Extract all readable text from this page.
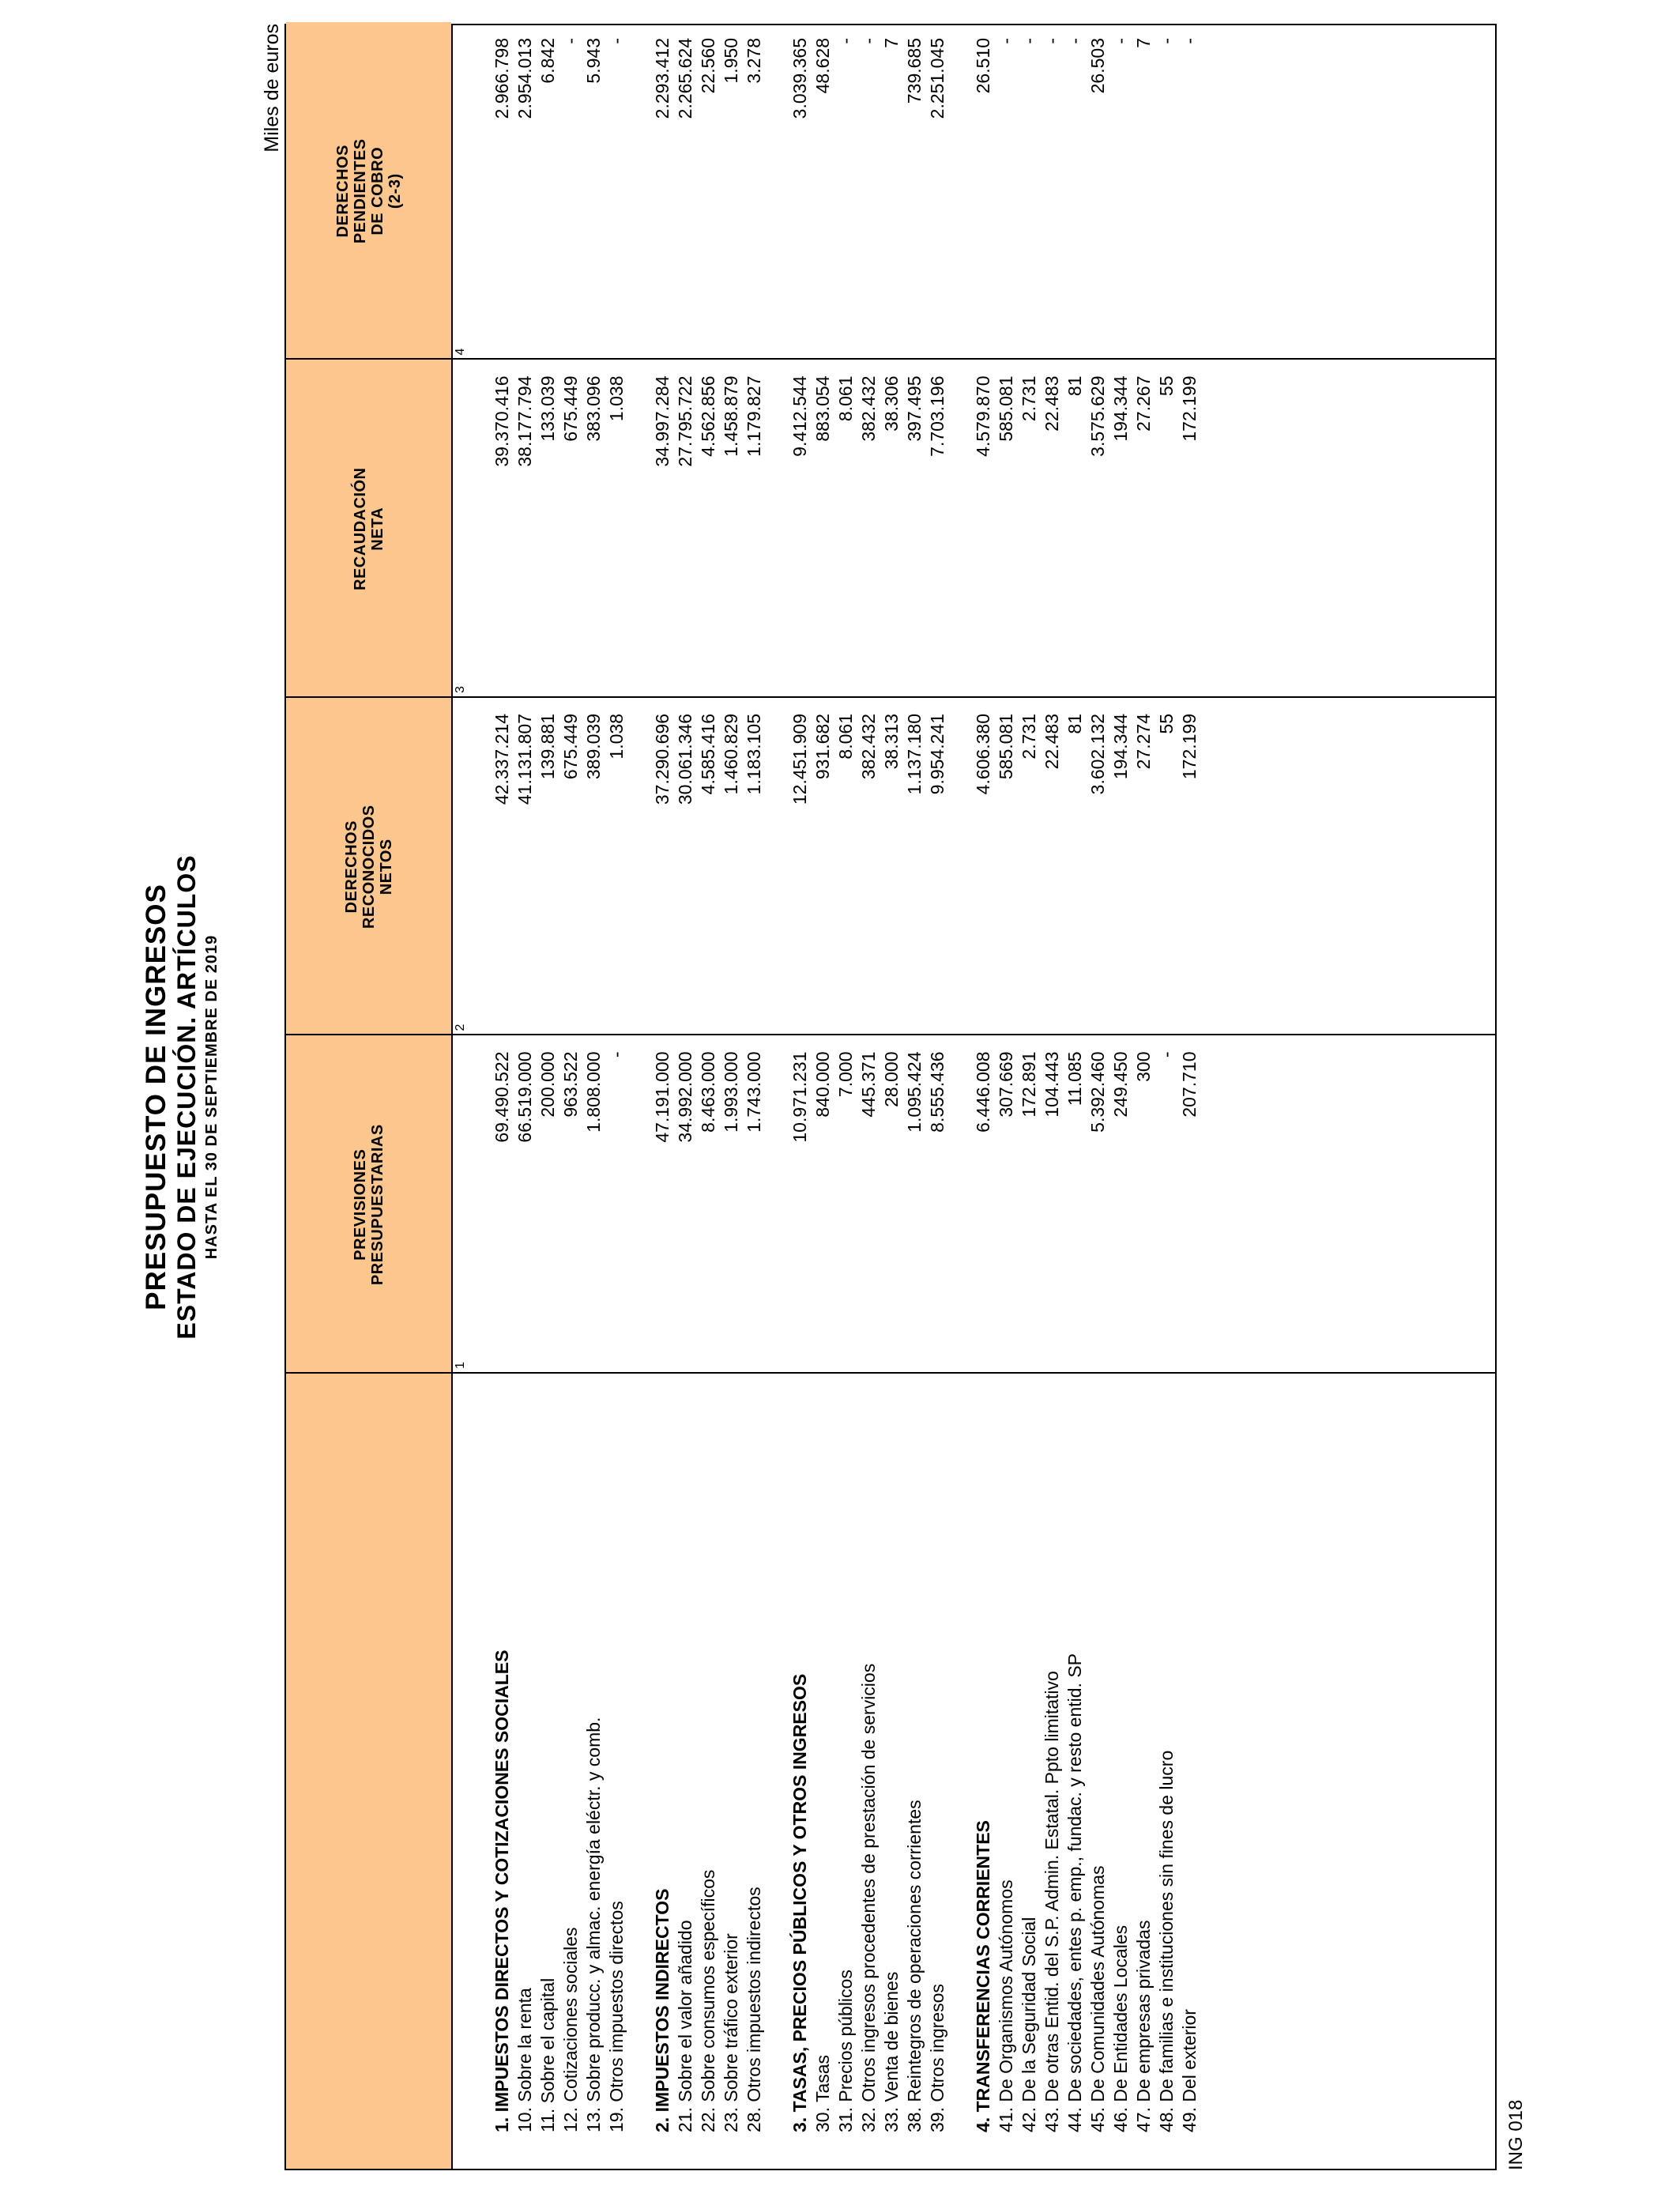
PRESUPUESTO DE INGRESOS ESTADO DE EJECUCIÓN. ARTÍCULOS HASTA EL 30 DE SEPTIEMBRE DE 2019
Miles de euros
ING 018
1. IMPUESTOS DIRECTOS Y COTIZACIONES SOCIALES
69.490.522
42.337.214
39.370.416
2.966.798
10. Sobre la renta
66.519.000
41.131.807
38.177.794
2.954.013
11. Sobre el capital
200.000
139.881
133.039
6.842
12. Cotizaciones sociales
963.522
675.449
675.449
-
13. Sobre producc. y almac. energía eléctr. y comb.
1.808.000
389.039
383.096
5.943
19. Otros impuestos directos
-
1.038
1.038
-
2. IMPUESTOS INDIRECTOS
47.191.000
37.290.696
34.997.284
2.293.412
21. Sobre el valor añadido
34.992.000
30.061.346
27.795.722
2.265.624
22. Sobre consumos específicos
8.463.000
4.585.416
4.562.856
22.560
23. Sobre tráfico exterior
1.993.000
1.460.829
1.458.879
1.950
28. Otros impuestos indirectos
1.743.000
1.183.105
1.179.827
3.278
3. TASAS, PRECIOS PÚBLICOS Y OTROS INGRESOS
10.971.231
12.451.909
9.412.544
3.039.365
30. Tasas
840.000
931.682
883.054
48.628
31. Precios públicos
7.000
8.061
8.061
-
32. Otros ingresos procedentes de prestación de servicios
445.371
382.432
382.432
-
33. Venta de bienes
28.000
38.313
38.306
7
38. Reintegros de operaciones corrientes
1.095.424
1.137.180
397.495
739.685
39. Otros ingresos
8.555.436
9.954.241
7.703.196
2.251.045
4. TRANSFERENCIAS CORRIENTES
6.446.008
4.606.380
4.579.870
26.510
41. De Organismos Autónomos
307.669
585.081
585.081
-
42. De la Seguridad Social
172.891
2.731
2.731
-
43. De otras Entid. del S.P. Admin. Estatal. Ppto limitativo
104.443
22.483
22.483
-
44. De sociedades, entes p. emp., fundac. y resto entid. SP
11.085
81
81
-
45. De Comunidades Autónomas
5.392.460
3.602.132
3.575.629
26.503
46. De Entidades Locales
249.450
194.344
194.344
-
47. De empresas privadas
300
27.274
27.267
7
48. De familias e instituciones sin fines de lucro
-
55
55
-
49. Del exterior
207.710
172.199
172.199
-
PREVISIONES
PRESUPUESTARIAS
1
DERECHOS
RECONOCIDOS
NETOS
2
RECAUDACIÓN
NETA
3
DERECHOS
PENDIENTES
DE COBRO
(2-3)
4
